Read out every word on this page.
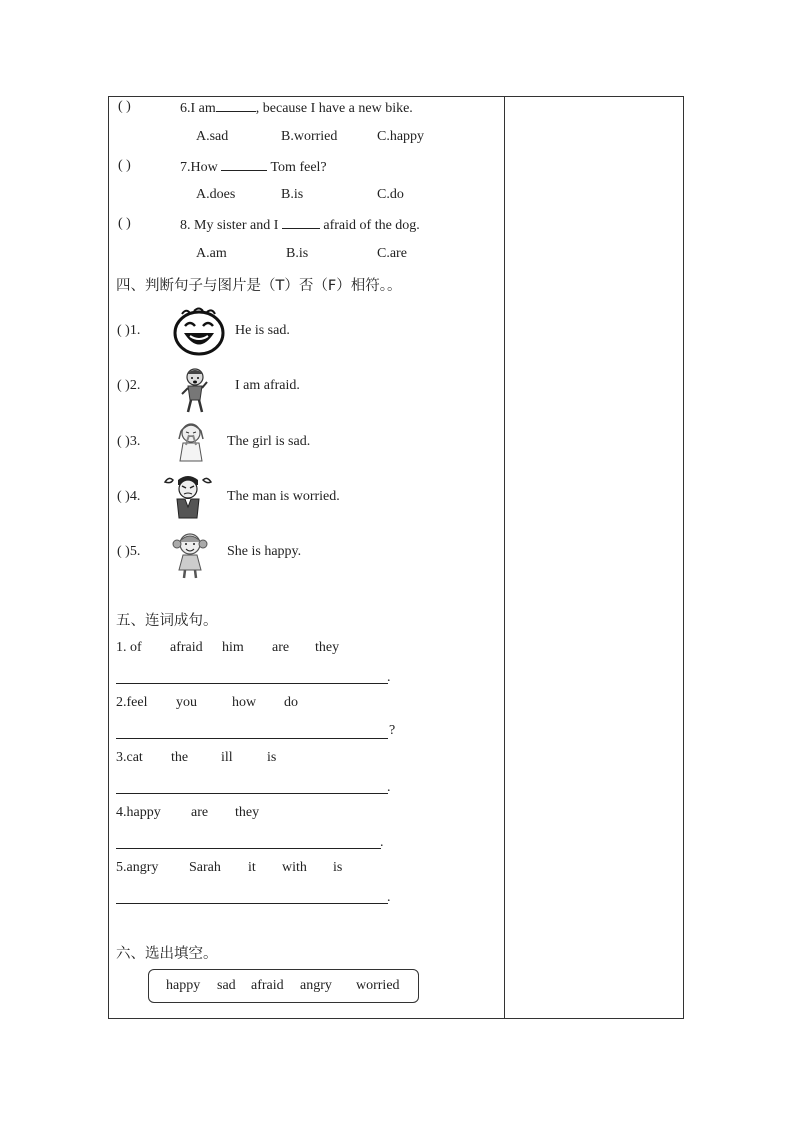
( )	6.I am	, because I have a new bike.
A.sad	B.worried	C.happy
( )	7.How	Tom feel?
A.does	B.is	C.do
( )	8. My sister and I	afraid of the dog.
A.am	B.is	C.are
四、判断句子与图片是（T）否（F）相符。。
( )1.	He is sad.
( )2.	I am afraid.
( )3.	The girl is sad.
( )4.	The man is worried.
( )5.	She is happy.
五、连词成句。
1. of afraid him are they
.
2.feel you	how do
?
3.cat the ill is
.
4.happy are they
.
5.angry Sarah it with is
.
六、选出填空。
happy sad afraid angry worried
